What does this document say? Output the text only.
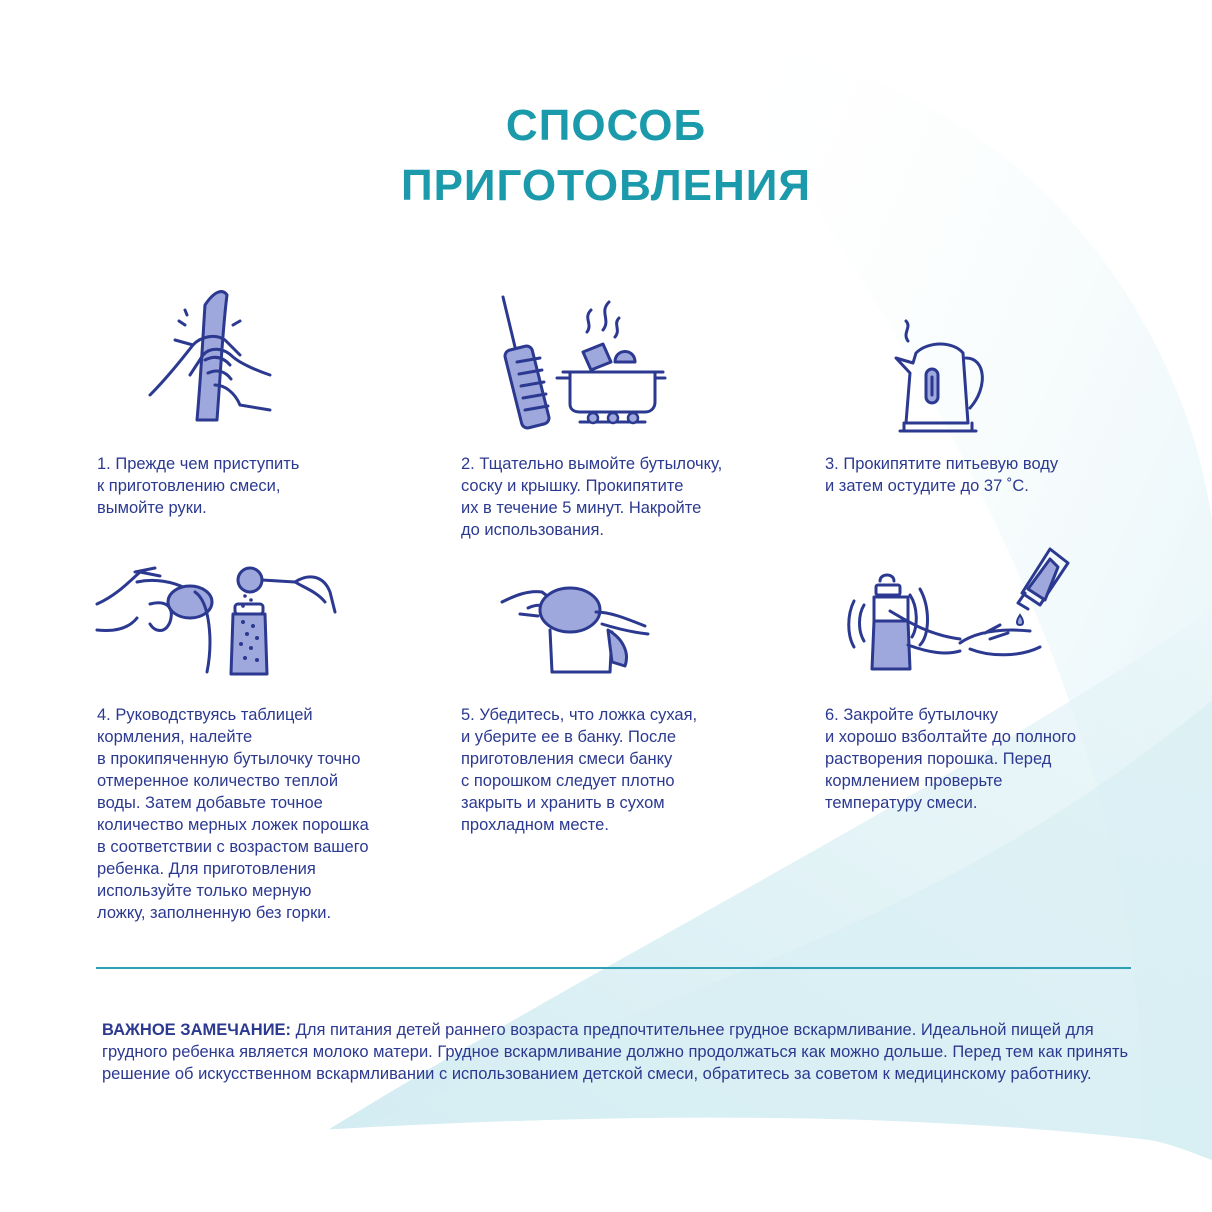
СПОСОБ
ПРИГОТОВЛЕНИЯ
1. Прежде чем приступить
к приготовлению смеси,
вымойте руки.
2. Тщательно вымойте бутылочку,
соску и крышку. Прокипятите
их в течение 5 минут. Накройте
до использования.
3. Прокипятите питьевую воду
и затем остудите до 37 ˚С.
4. Руководствуясь таблицей
кормления, налейте
в прокипяченную бутылочку точно
отмеренное количество теплой
воды. Затем добавьте точное
количество мерных ложек порошка
в соответствии с возрастом вашего
ребенка. Для приготовления
используйте только мерную
ложку, заполненную без горки.
5. Убедитесь, что ложка сухая,
и уберите ее в банку. После
приготовления смеси банку
с порошком следует плотно
закрыть и хранить в сухом
прохладном месте.
6. Закройте бутылочку
и хорошо взболтайте до полного
растворения порошка. Перед
кормлением проверьте
температуру смеси.
ВАЖНОЕ ЗАМЕЧАНИЕ: Для питания детей раннего возраста предпочтительнее грудное вскармливание. Идеальной пищей для грудного ребенка является молоко матери. Грудное вскармливание должно продолжаться как можно дольше. Перед тем как принять решение об искусственном вскармливании с использованием детской смеси, обратитесь за советом к медицинскому работнику.
